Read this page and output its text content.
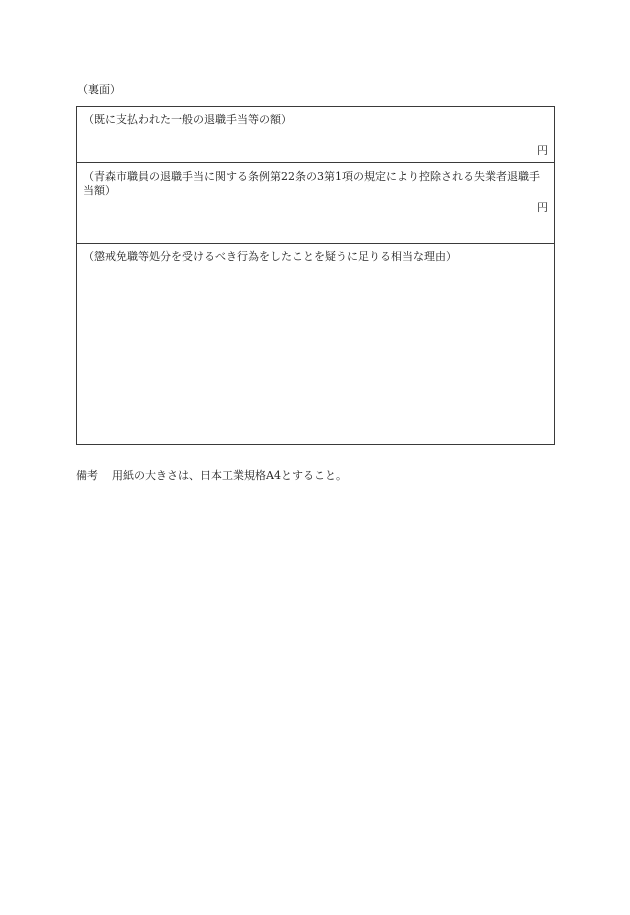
（裏面）
（既に支払われた一般の退職手当等の額）
円
（青森市職員の退職手当に関する条例第22条の3第1項の規定により控除される失業者退職手当額）
円
（懲戒免職等処分を受けるべき行為をしたことを疑うに足りる相当な理由）
備考 用紙の大きさは、日本工業規格A4とすること。
